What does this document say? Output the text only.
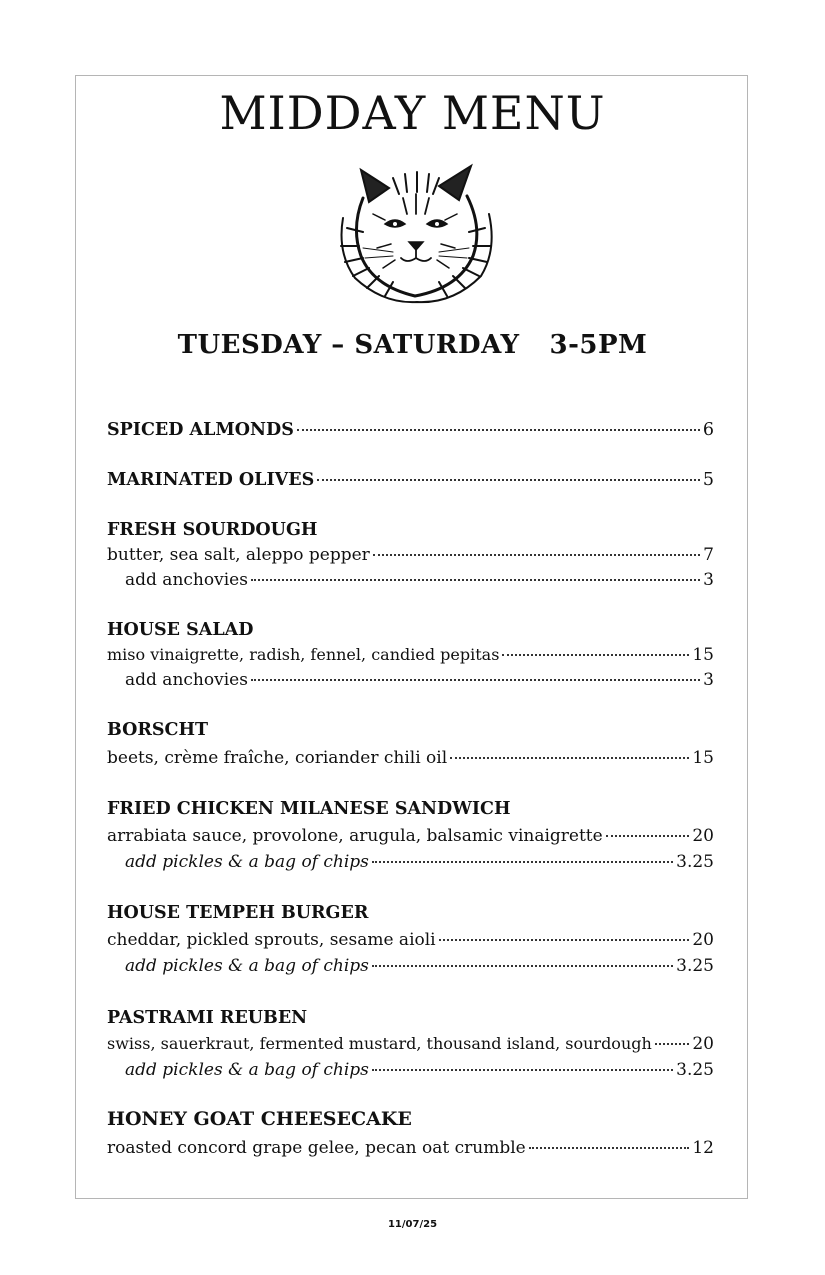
MIDDAY MENU
TUESDAY – SATURDAY 3-5PM
SPICED ALMONDS	6
MARINATED OLIVES	5
FRESH SOURDOUGH
butter, sea salt, aleppo pepper	7
add anchovies	3
HOUSE SALAD
miso vinaigrette, radish, fennel, candied pepitas	15
add anchovies	3
BORSCHT
beets, crème fraîche, coriander chili oil	15
FRIED CHICKEN MILANESE SANDWICH
arrabiata sauce, provolone, arugula, balsamic vinaigrette	20
add pickles & a bag of chips	3.25
HOUSE TEMPEH BURGER
cheddar, pickled sprouts, sesame aioli	20
add pickles & a bag of chips	3.25
PASTRAMI REUBEN
swiss, sauerkraut, fermented mustard, thousand island, sourdough 20
add pickles & a bag of chips	3.25
HONEY GOAT CHEESECAKE
roasted concord grape gelee, pecan oat crumble	12
11/07/25
